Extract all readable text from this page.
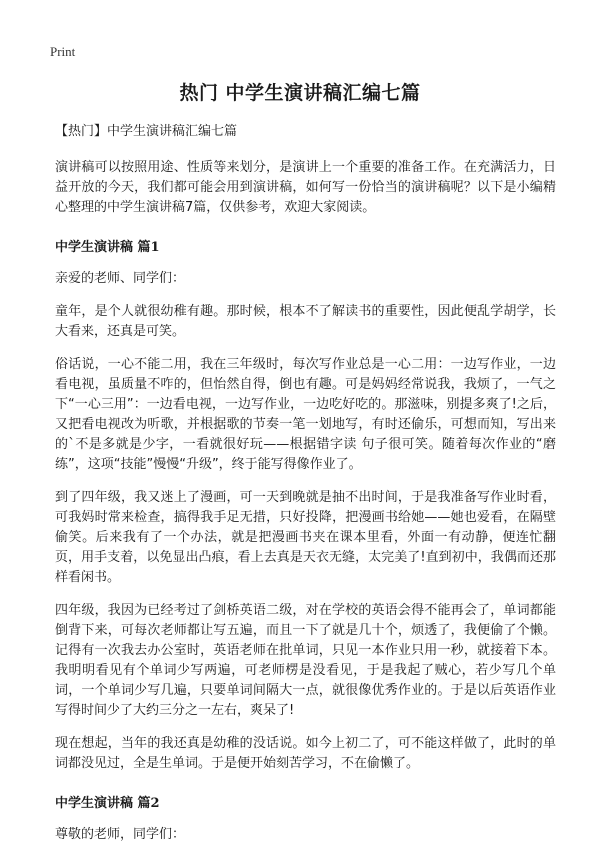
Print
热门 中学生演讲稿汇编七篇

【热门】中学生演讲稿汇编七篇

演讲稿可以按照用途、性质等来划分，是演讲上一个重要的准备工作。在充满活力，日益开放的今天，我们都可能会用到演讲稿，如何写一份恰当的演讲稿呢？以下是小编精心整理的中学生演讲稿7篇，仅供参考，欢迎大家阅读。

中学生演讲稿 篇1

亲爱的老师、同学们：

童年，是个人就很幼稚有趣。那时候，根本不了解读书的重要性，因此便乱学胡学，长大看来，还真是可笑。

俗话说，一心不能二用，我在三年级时，每次写作业总是一心二用：一边写作业，一边看电视，虽质量不咋的，但怡然自得，倒也有趣。可是妈妈经常说我，我烦了，一气之下“一心三用”：一边看电视，一边写作业，一边吃好吃的。那滋味，别提多爽了!之后，又把看电视改为听歌，并根据歌的节奏一笔一划地写，有时还偷乐，可想而知，写出来的`不是多就是少字，一看就很好玩——根据错字读 句子很可笑。随着每次作业的“磨练”，这项“技能”慢慢“升级”，终于能写得像作业了。

到了四年级，我又迷上了漫画，可一天到晚就是抽不出时间，于是我准备写作业时看，可我妈时常来检查，搞得我手足无措，只好投降，把漫画书给她——她也爱看，在隔壁偷笑。后来我有了一个办法，就是把漫画书夹在课本里看，外面一有动静，便连忙翻页，用手支着，以免显出凸痕，看上去真是天衣无缝，太完美了!直到初中，我偶而还那样看闲书。

四年级，我因为已经考过了剑桥英语二级，对在学校的英语会得不能再会了，单词都能倒背下来，可每次老师都让写五遍，而且一下了就是几十个，烦透了，我便偷了个懒。记得有一次我去办公室时，英语老师在批单词，只见一本作业只用一秒，就接着下本。我明明看见有个单词少写两遍，可老师楞是没看见，于是我起了贼心，若少写几个单词，一个单词少写几遍，只要单词间隔大一点，就很像优秀作业的。于是以后英语作业写得时间少了大约三分之一左右，爽呆了!

现在想起，当年的我还真是幼稚的没话说。如今上初二了，可不能这样做了，此时的单词都没见过，全是生单词。于是便开始刻苦学习，不在偷懒了。

中学生演讲稿 篇2

尊敬的老师，同学们：
